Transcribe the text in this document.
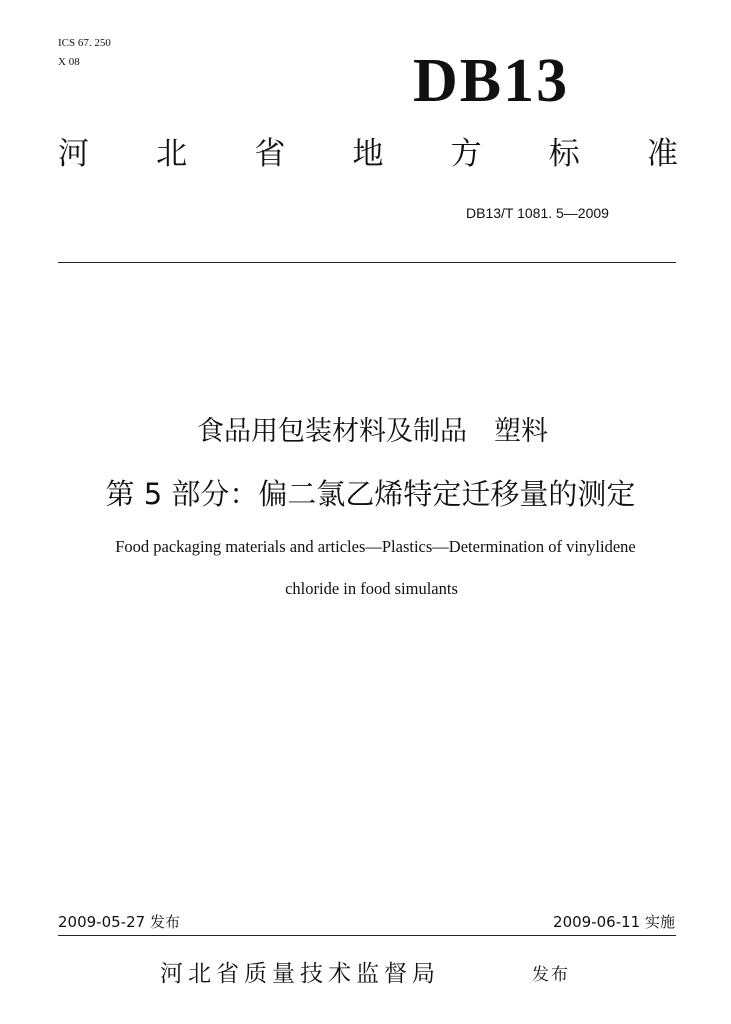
ICS 67. 250
X 08	DB13
河 北 省 地 方 标 准
DB13/T 1081. 5—2009
食品用包装材料及制品　塑料
第 5 部分：偏二氯乙烯特定迁移量的测定
Food packaging materials and articles—Plastics—Determination of vinylidene
chloride in food simulants
2009-05-27 发布	2009-06-11 实施
河北省质量技术监督局	发布
